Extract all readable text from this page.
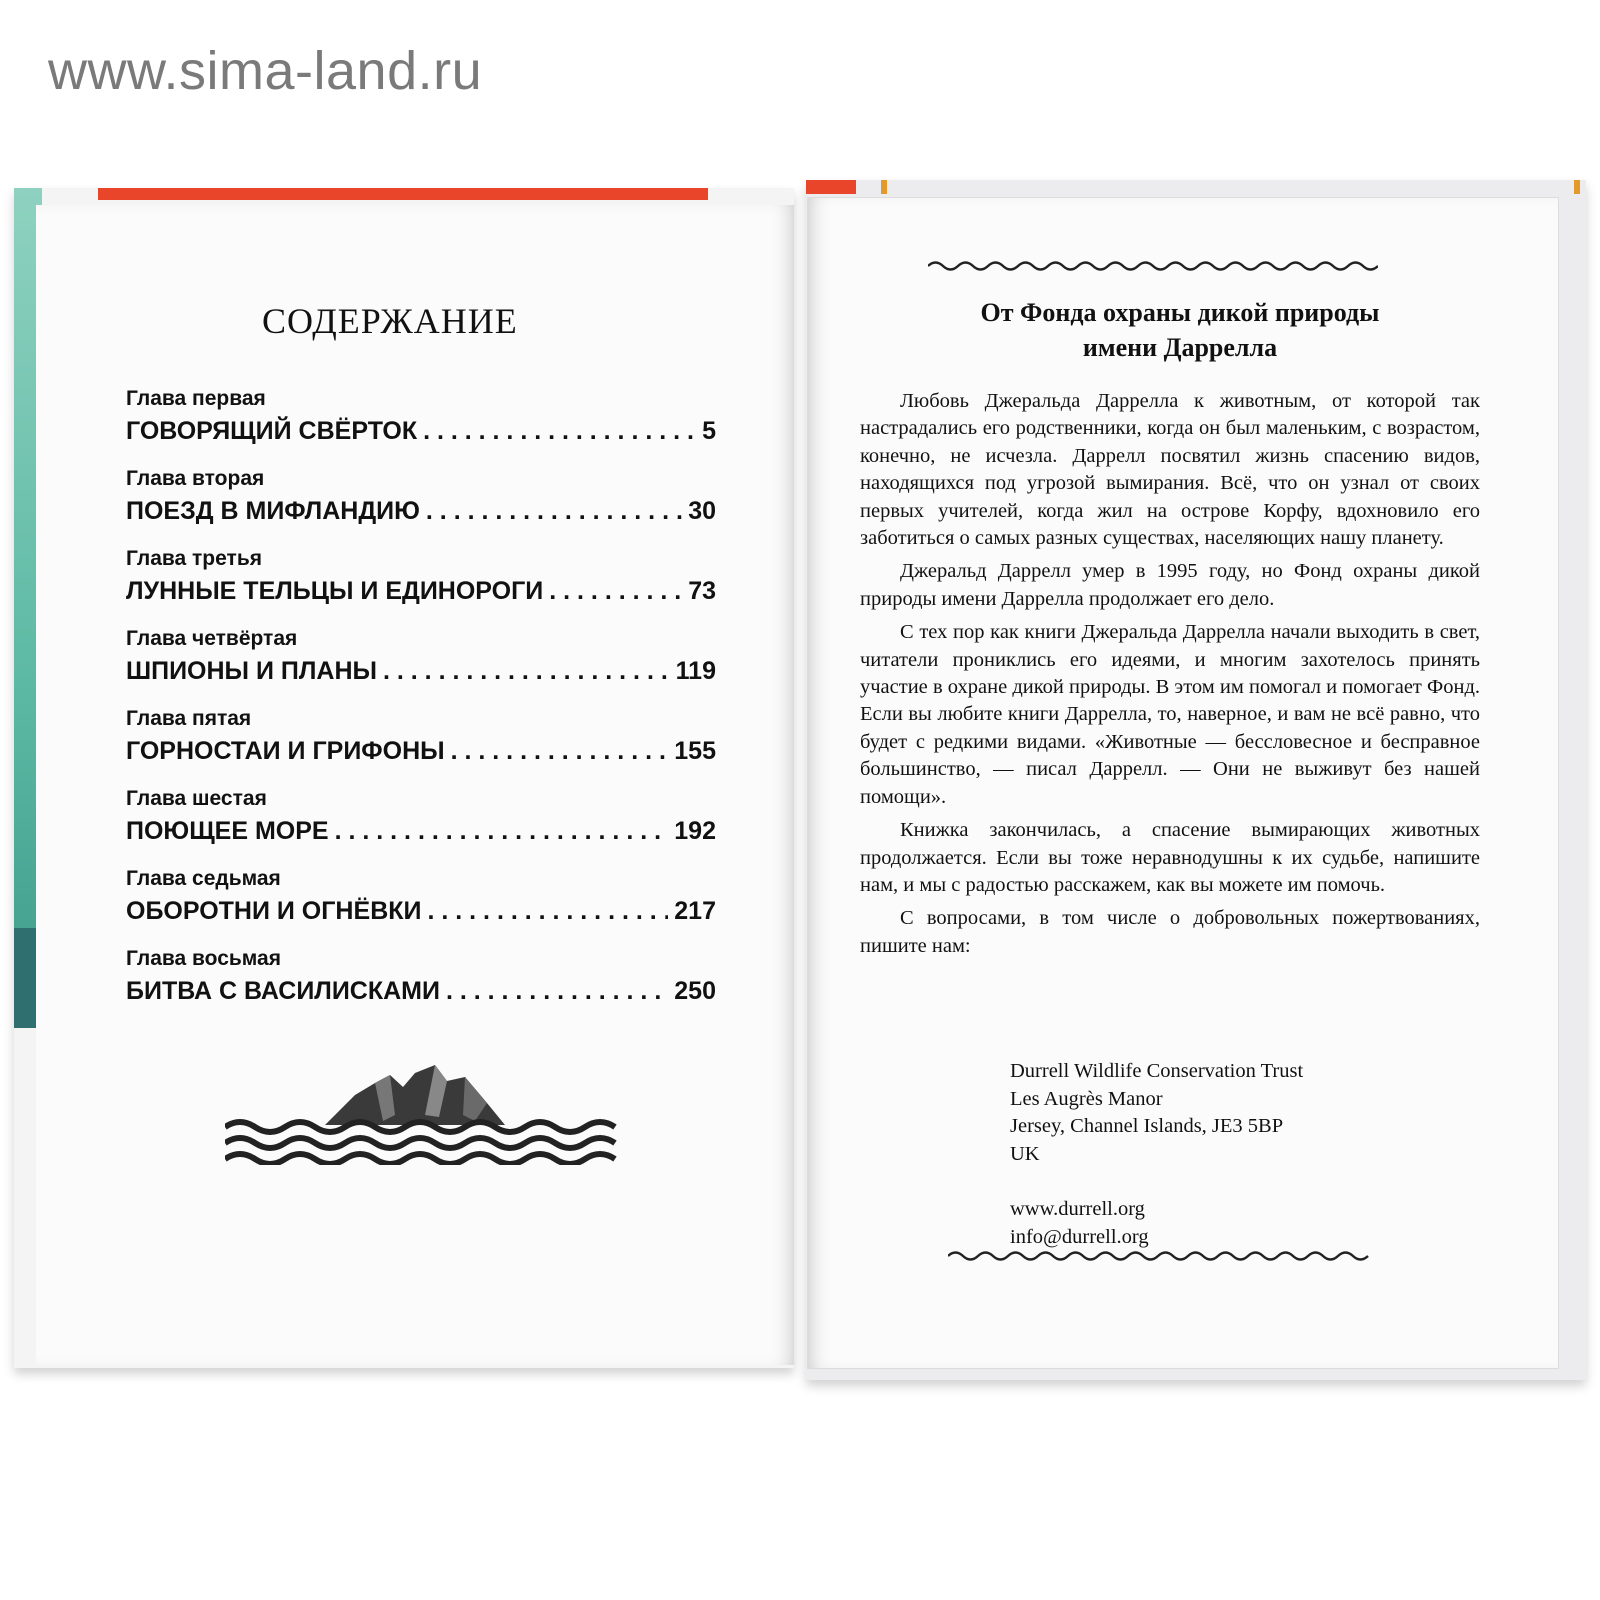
www.sima-land.ru
СОДЕРЖАНИЕ
Глава первая
ГОВОРЯЩИЙ СВЁРТОК . . .	5
Глава вторая
ПОЕЗД В МИФЛАНДИЮ . . .	30
Глава третья
ЛУННЫЕ ТЕЛЬЦЫ И ЕДИНОРОГИ . . .	73
Глава четвёртая
ШПИОНЫ И ПЛАНЫ . . .	119
Глава пятая
ГОРНОСТАИ И ГРИФОНЫ . . .	155
Глава шестая
ПОЮЩЕЕ МОРЕ . . .	192
Глава седьмая
ОБОРОТНИ И ОГНЁВКИ . . .	217
Глава восьмая
БИТВА С ВАСИЛИСКАМИ . . .	250
От Фонда охраны дикой природы
имени Даррелла

Любовь Джеральда Даррелла к животным, от которой так настрадались его родственники, когда он был маленьким, с возрастом, конечно, не исчезла. Даррелл посвятил жизнь спасению видов, находящихся под угрозой вымирания. Всё, что он узнал от своих первых учителей, когда жил на острове Корфу, вдохновило его заботиться о самых разных существах, населяющих нашу планету.

Джеральд Даррелл умер в 1995 году, но Фонд охраны дикой природы имени Даррелла продолжает его дело.

С тех пор как книги Джеральда Даррелла начали выходить в свет, читатели прониклись его идеями, и многим захотелось принять участие в охране дикой природы. В этом им помогал и помогает Фонд. Если вы любите книги Даррелла, то, наверное, и вам не всё равно, что будет с редкими видами. «Животные — бессловесное и бесправное большинство, — писал Даррелл. — Они не выживут без нашей помощи».

Книжка закончилась, а спасение вымирающих животных продолжается. Если вы тоже неравнодушны к их судьбе, напишите нам, и мы с радостью расскажем, как вы можете им помочь.

С вопросами, в том числе о добровольных пожертвованиях, пишите нам:

Durrell Wildlife Conservation Trust
Les Augrès Manor
Jersey, Channel Islands, JE3 5BP
UK
www.durrell.org
info@durrell.org
